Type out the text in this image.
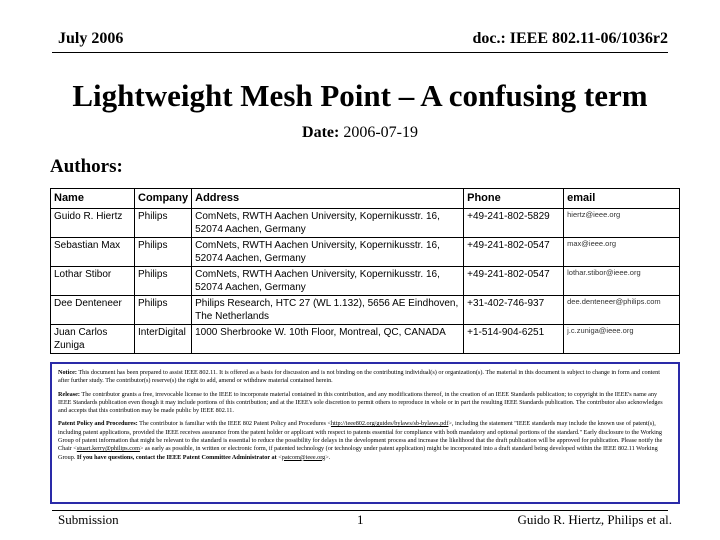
July 2006	doc.: IEEE 802.11-06/1036r2
Lightweight Mesh Point – A confusing term
Date: 2006-07-19
Authors:
Name	Company	Address	Phone	email
Guido R. Hiertz	Philips	ComNets, RWTH Aachen University, Kopernikusstr. 16, 52074 Aachen, Germany	+49-241-802-5829	hiertz@ieee.org
Sebastian Max	Philips	ComNets, RWTH Aachen University, Kopernikusstr. 16, 52074 Aachen, Germany	+49-241-802-0547	max@ieee.org
Lothar Stibor	Philips	ComNets, RWTH Aachen University, Kopernikusstr. 16, 52074 Aachen, Germany	+49-241-802-0547	lothar.stibor@ieee.org
Dee Denteneer	Philips	Philips Research, HTC 27 (WL 1.132), 5656 AE Eindhoven, The Netherlands	+31-402-746-937	dee.denteneer@philips.com
Juan Carlos Zuniga	InterDigital	1000 Sherbrooke W. 10th Floor, Montreal, QC, CANADA	+1-514-904-6251	j.c.zuniga@ieee.org

Notice: This document has been prepared to assist IEEE 802.11. It is offered as a basis for discussion and is not binding on the contributing individual(s) or organization(s). The material in this document is subject to change in form and content after further study. The contributor(s) reserve(s) the right to add, amend or withdraw material contained herein.

Release: The contributor grants a free, irrevocable license to the IEEE to incorporate material contained in this contribution, and any modifications thereof, in the creation of an IEEE Standards publication; to copyright in the IEEE's name any IEEE Standards publication even though it may include portions of this contribution; and at the IEEE's sole discretion to permit others to reproduce in whole or in part the resulting IEEE Standards publication. The contributor also acknowledges and accepts that this contribution may be made public by IEEE 802.11.

Patent Policy and Procedures: The contributor is familiar with the IEEE 802 Patent Policy and Procedures <http://ieee802.org/guides/bylaws/sb-bylaws.pdf>, including the statement "IEEE standards may include the known use of patent(s), including patent applications, provided the IEEE receives assurance from the patent holder or applicant with respect to patents essential for compliance with both mandatory and optional portions of the standard." Early disclosure to the Working Group of patent information that might be relevant to the standard is essential to reduce the possibility for delays in the development process and increase the likelihood that the draft publication will be approved for publication. Please notify the Chair <stuart.kerry@philips.com> as early as possible, in written or electronic form, if patented technology (or technology under patent application) might be incorporated into a draft standard being developed within the IEEE 802.11 Working Group. If you have questions, contact the IEEE Patent Committee Administrator at <patcom@ieee.org>.

Submission	1	Guido R. Hiertz, Philips et al.
